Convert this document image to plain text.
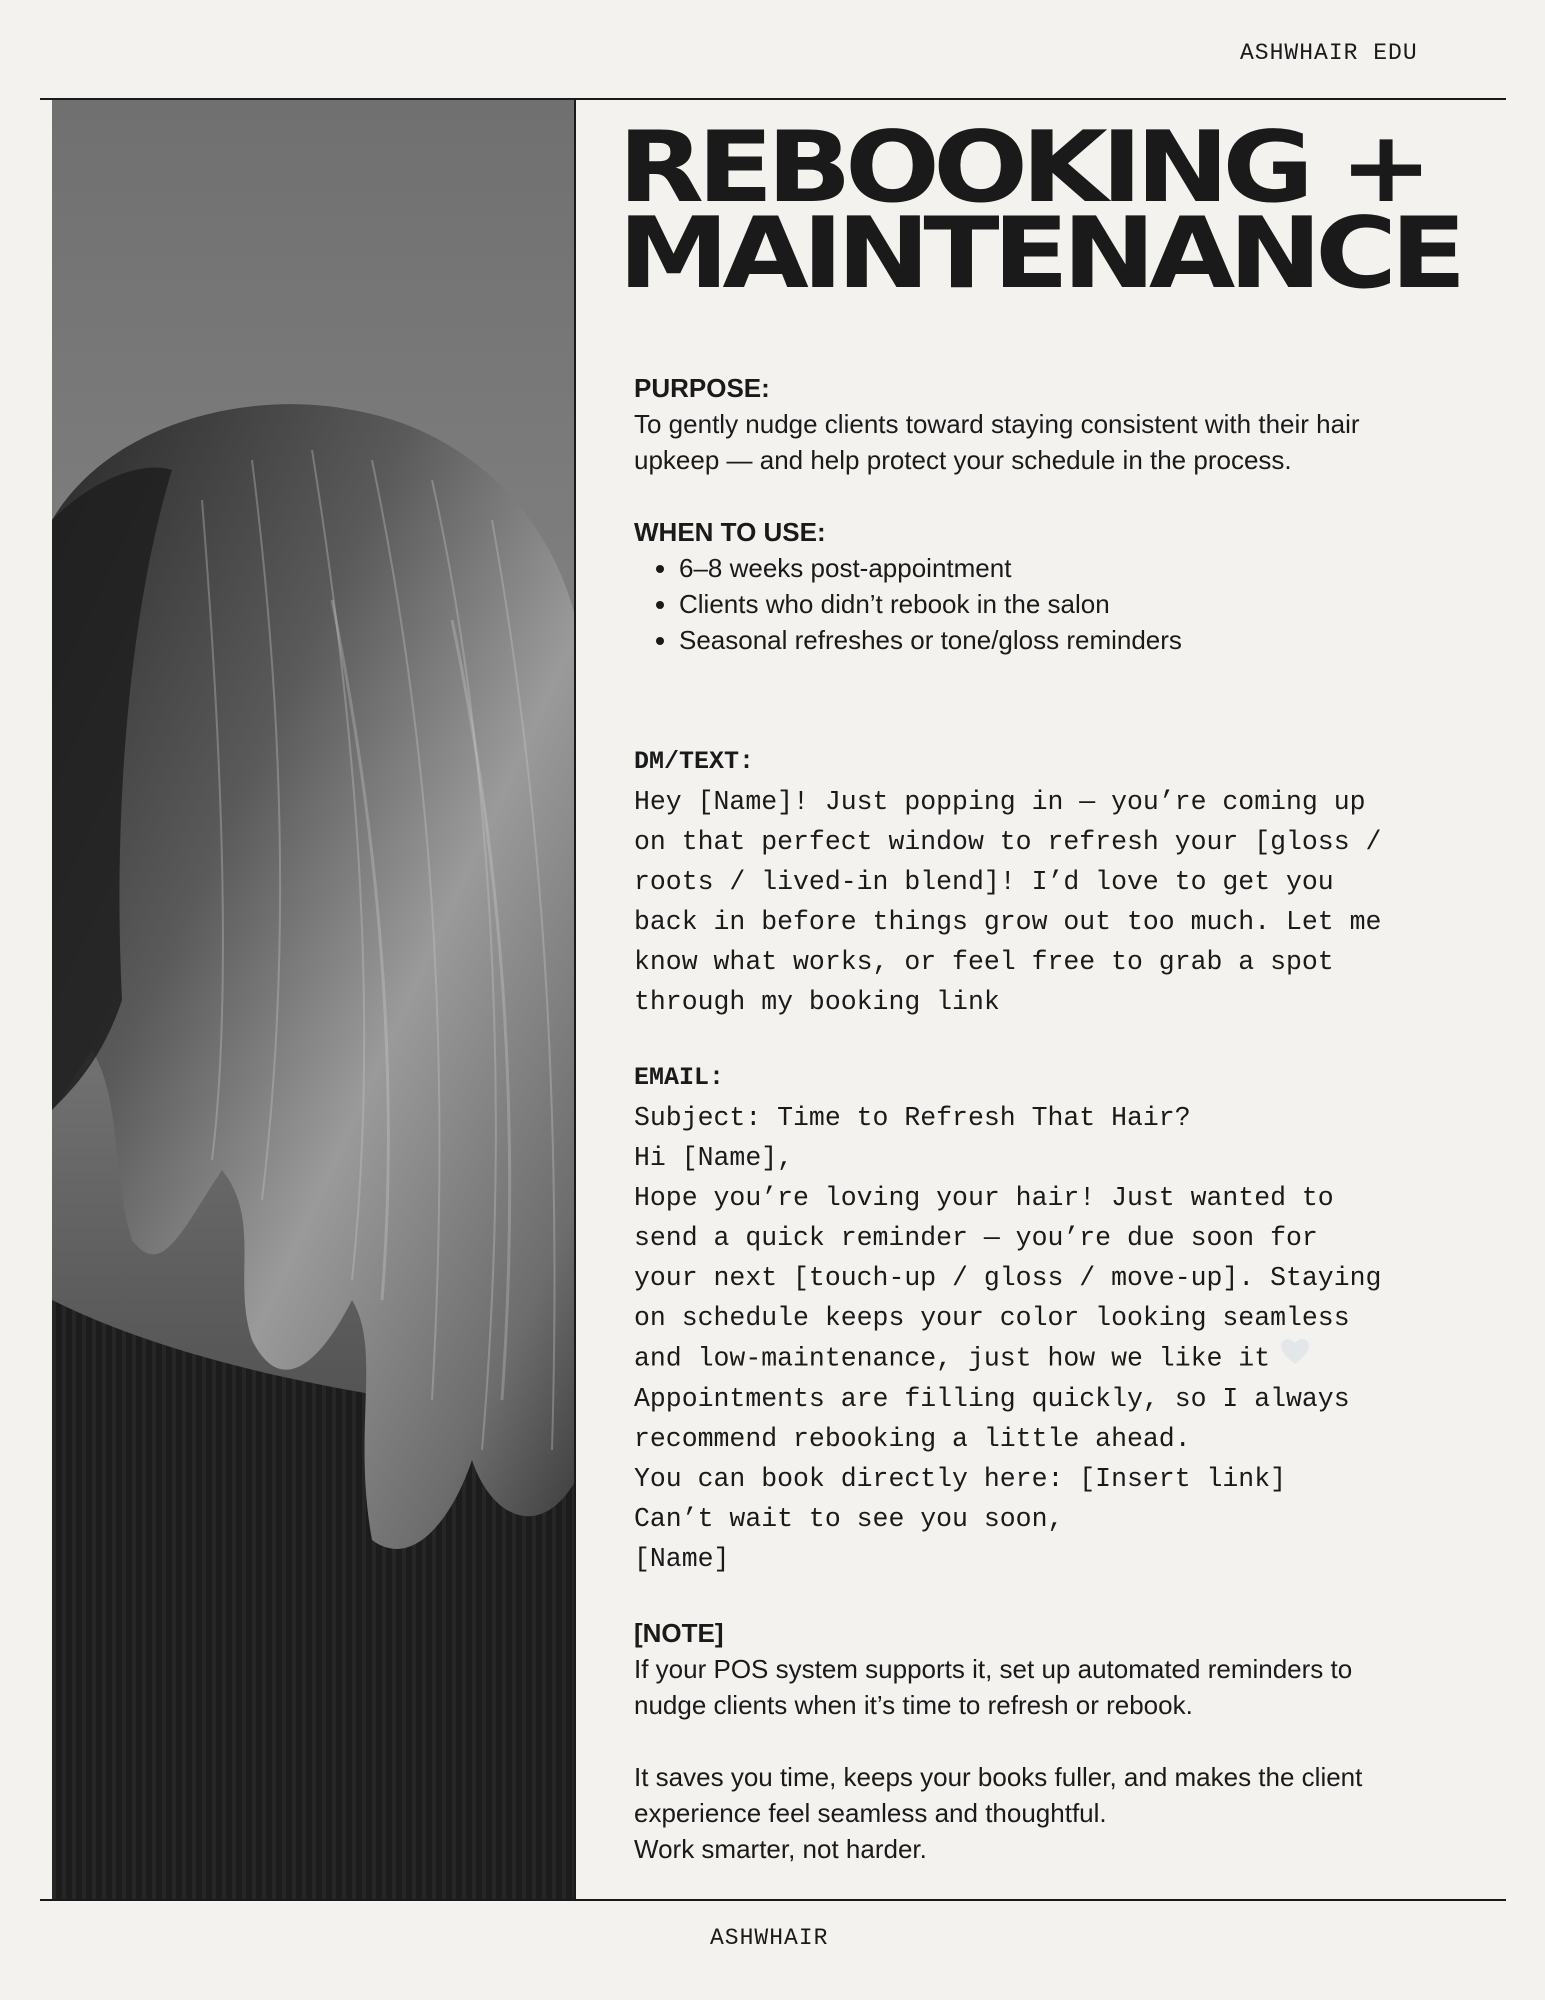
ASHWHAIR EDU
REBOOKING +
MAINTENANCE

PURPOSE:

To gently nudge clients toward staying consistent with their hair

upkeep — and help protect your schedule in the process.

WHEN TO USE:

• 6–8 weeks post-appointment
• Clients who didn’t rebook in the salon
• Seasonal refreshes or tone/gloss reminders

DM/TEXT:

Hey [Name]! Just popping in — you’re coming up

on that perfect window to refresh your [gloss /

roots / lived-in blend]! I’d love to get you

back in before things grow out too much. Let me

know what works, or feel free to grab a spot

through my booking link

EMAIL:

Subject: Time to Refresh That Hair?

Hi [Name],

Hope you’re loving your hair! Just wanted to

send a quick reminder — you’re due soon for

your next [touch-up / gloss / move-up]. Staying

on schedule keeps your color looking seamless

and low-maintenance, just how we like it

Appointments are filling quickly, so I always

recommend rebooking a little ahead.

You can book directly here: [Insert link]

Can’t wait to see you soon,

[Name]

[NOTE]

If your POS system supports it, set up automated reminders to

nudge clients when it’s time to refresh or rebook.

It saves you time, keeps your books fuller, and makes the client

experience feel seamless and thoughtful.

Work smarter, not harder.

ASHWHAIR
